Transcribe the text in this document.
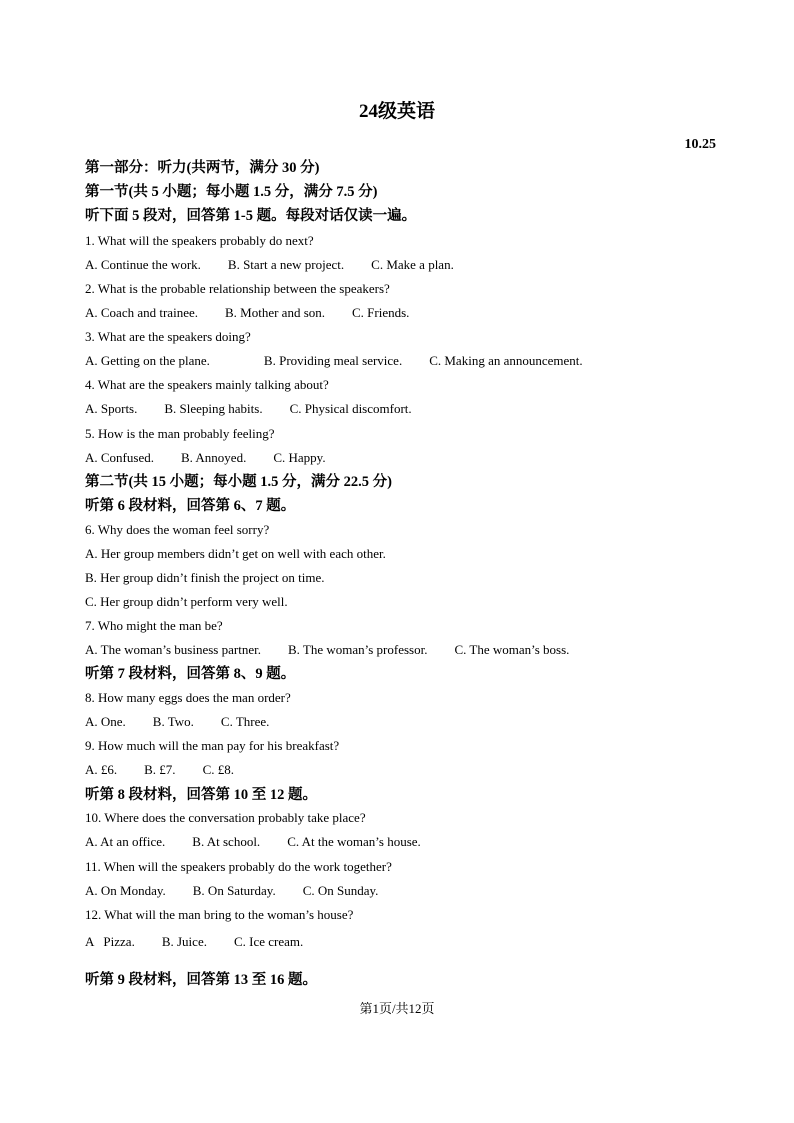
24级英语
10.25
第一部分：听力(共两节，满分 30 分)
第一节(共 5 小题；每小题 1.5 分，满分 7.5 分)
听下面 5 段对，回答第 1-5 题。每段对话仅读一遍。
1. What will the speakers probably do next?
A. Continue the work. B. Start a new project. C. Make a plan.
2. What is the probable relationship between the speakers?
A. Coach and trainee. B. Mother and son. C. Friends.
3. What are the speakers doing?
A. Getting on the plane.	B. Providing meal service. C. Making an announcement.
4. What are the speakers mainly talking about?
A. Sports. B. Sleeping habits. C. Physical discomfort.
5. How is the man probably feeling?
A. Confused. B. Annoyed. C. Happy.
第二节(共 15 小题；每小题 1.5 分，满分 22.5 分)
听第 6 段材料，回答第 6、7 题。
6. Why does the woman feel sorry?
A. Her group members didn’t get on well with each other.
B. Her group didn’t finish the project on time.
C. Her group didn’t perform very well.
7. Who might the man be?
A. The woman’s business partner. B. The woman’s professor. C. The woman’s boss.
听第 7 段材料，回答第 8、9 题。
8. How many eggs does the man order?
A. One. B. Two. C. Three.
9. How much will the man pay for his breakfast?
A. £6. B. £7. C. £8.
听第 8 段材料，回答第 10 至 12 题。
10. Where does the conversation probably take place?
A. At an office. B. At school. C. At the woman’s house.
11. When will the speakers probably do the work together?
A. On Monday. B. On Saturday. C. On Sunday.
12. What will the man bring to the woman’s house?
A   Pizza. B. Juice. C. Ice cream.
听第 9 段材料，回答第 13 至 16 题。
第1页/共12页
